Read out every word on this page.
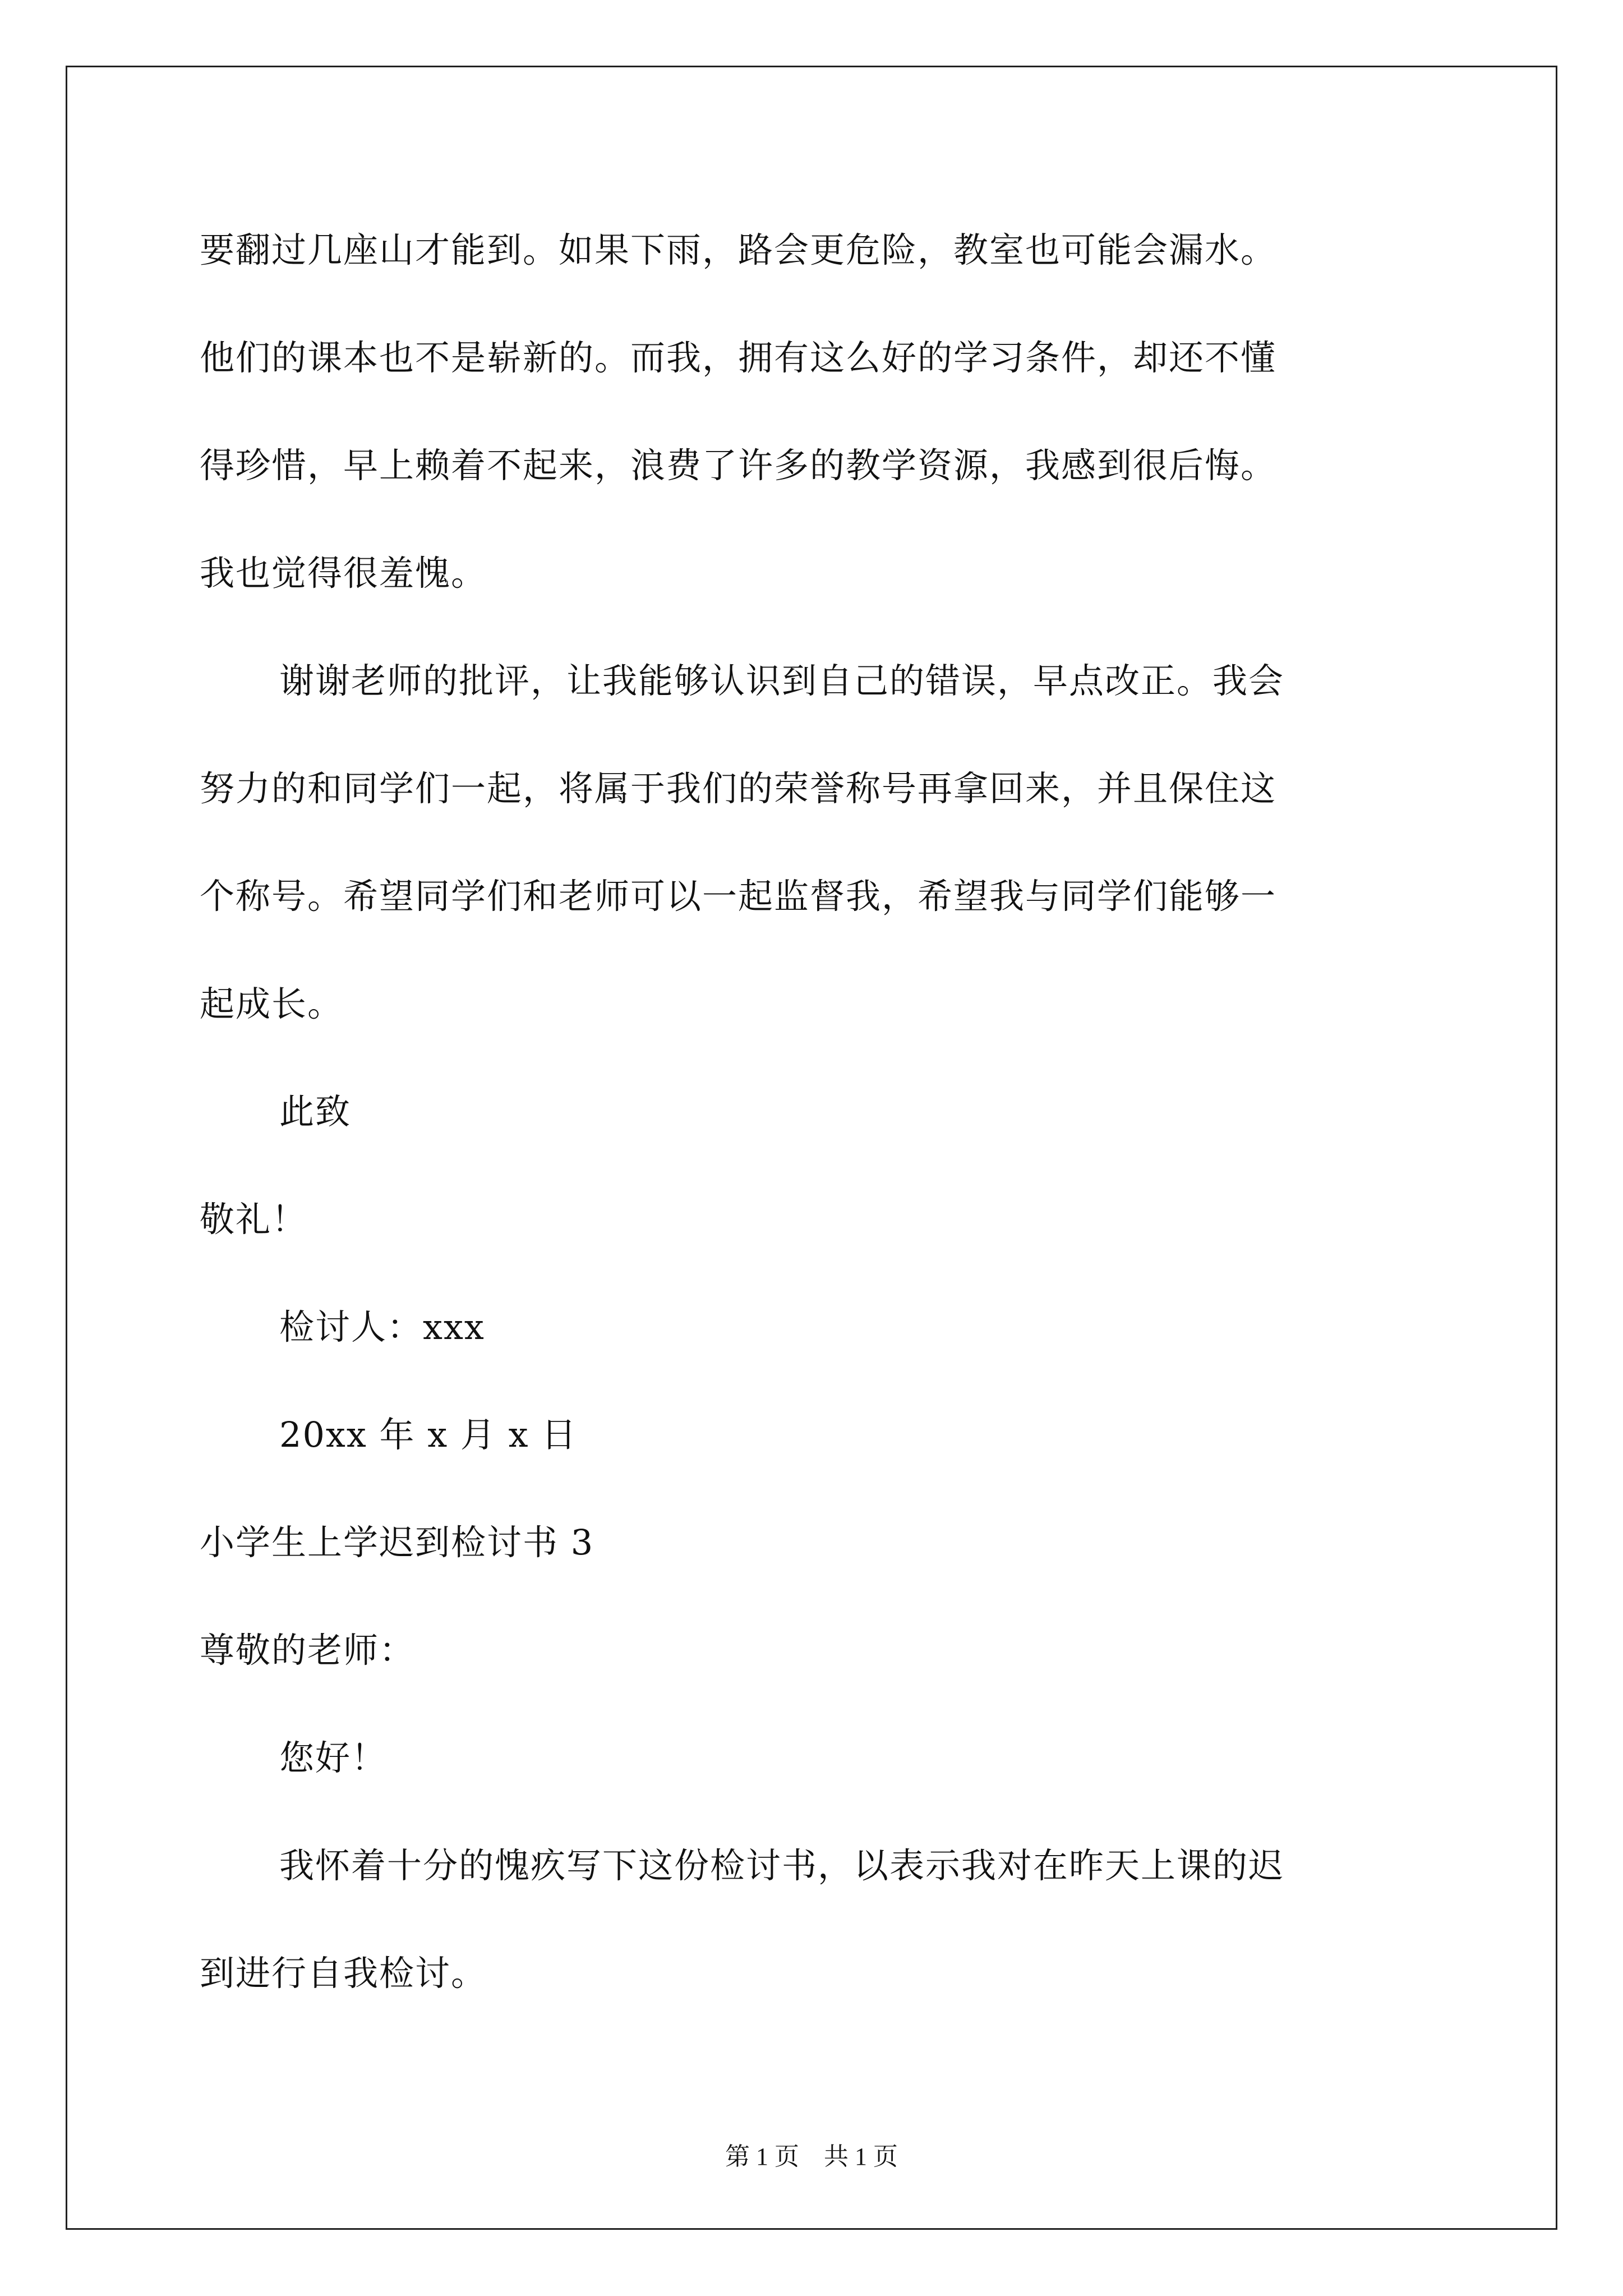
要翻过几座山才能到。如果下雨，路会更危险，教室也可能会漏水。
他们的课本也不是崭新的。而我，拥有这么好的学习条件，却还不懂
得珍惜，早上赖着不起来，浪费了许多的教学资源，我感到很后悔。
我也觉得很羞愧。
谢谢老师的批评，让我能够认识到自己的错误，早点改正。我会
努力的和同学们一起，将属于我们的荣誉称号再拿回来，并且保住这
个称号。希望同学们和老师可以一起监督我，希望我与同学们能够一
起成长。
此致
敬礼！
检讨人：xxx
20xx 年 x 月 x 日
小学生上学迟到检讨书 3
尊敬的老师：
您好！
我怀着十分的愧疚写下这份检讨书，以表示我对在昨天上课的迟
到进行自我检讨。
第 1 页　共 1 页
